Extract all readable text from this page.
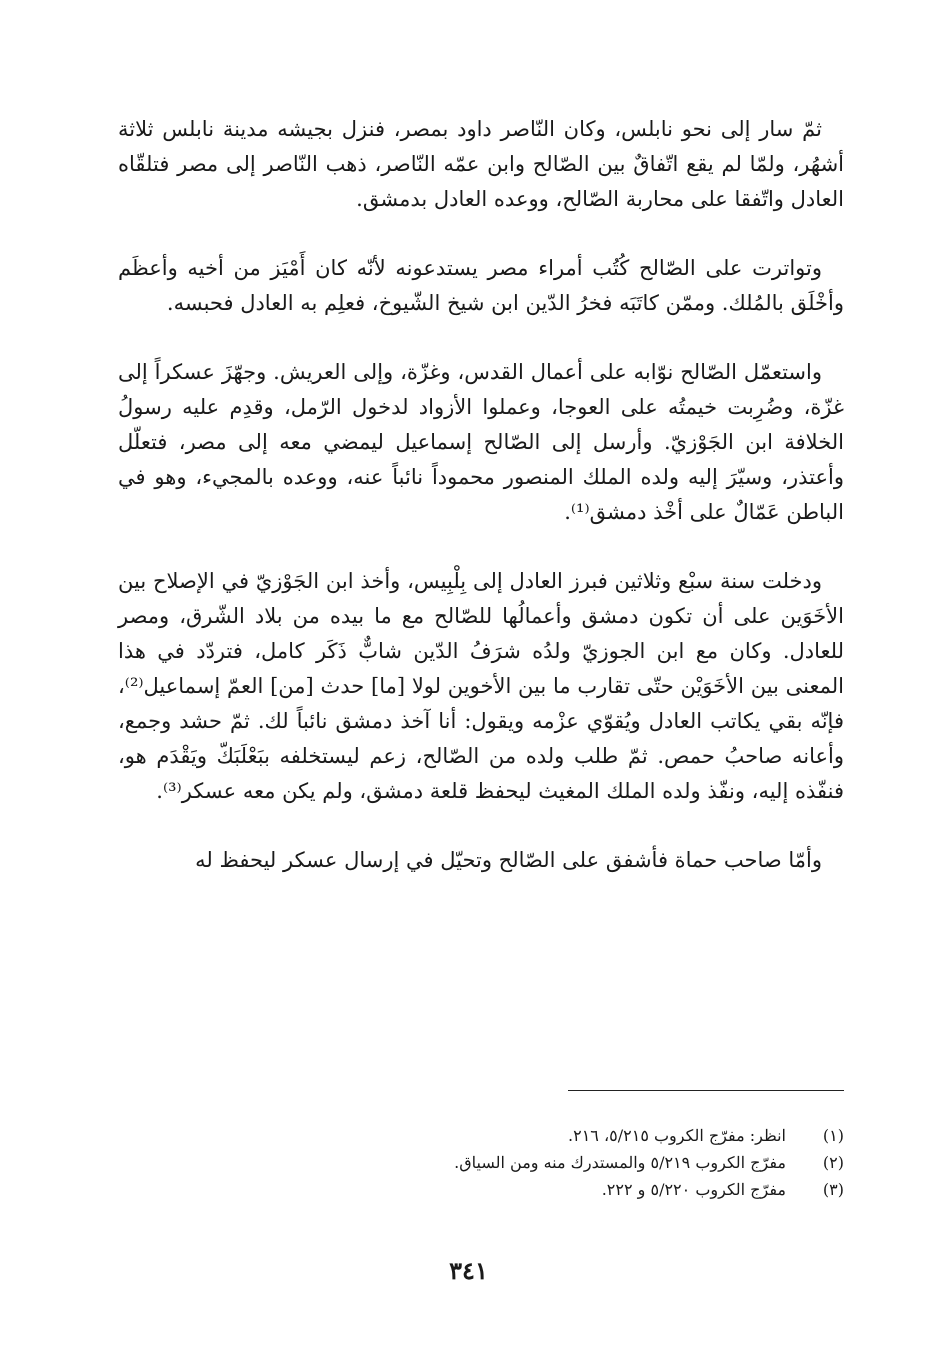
ثمّ سار إلى نحو نابلس، وكان النّاصر داود بمصر، فنزل بجيشه مدينة نابلس ثلاثة أشهُر، ولمّا لم يقع اتّفاقٌ بين الصّالح وابن عمّه النّاصر، ذهب النّاصر إلى مصر فتلقّاه العادل واتّفقا على محاربة الصّالح، ووعده العادل بدمشق.

وتواترت على الصّالح كُتُب أمراء مصر يستدعونه لأنّه كان أَمْيَز من أخيه وأعظَم وأخْلَق بالمُلك. وممّن كاتَبَه فخرُ الدّين ابن شيخ الشّيوخ، فعلِم به العادل فحبسه.

واستعمّل الصّالح نوّابه على أعمال القدس، وغزّة، وإلى العريش. وجهّزَ عسكراً إلى غزّة، وضُرِبت خيمتُه على العوجا، وعملوا الأزواد لدخول الرّمل، وقدِم عليه رسولُ الخلافة ابن الجَوْزيّ. وأرسل إلى الصّالح إسماعيل ليمضي معه إلى مصر، فتعلّل وأعتذر، وسيّرَ إليه ولده الملك المنصور محموداً نائباً عنه، ووعده بالمجيء، وهو في الباطن عَمّالٌ على أخْذ دمشق⁽¹⁾.

ودخلت سنة سبْع وثلاثين فبرز العادل إلى بِلْبِيس، وأخذ ابن الجَوْزيّ في الإصلاح بين الأخَوَين على أن تكون دمشق وأعمالُها للصّالح مع ما بيده من بلاد الشّرق، ومصر للعادل. وكان مع ابن الجوزيّ ولدُه شرَفُ الدّين شابٌّ ذَكَر كامل، فتردّد في هذا المعنى بين الأخَوَيْن حتّى تقارب ما بين الأخوين لولا [ما] حدث [من] العمّ إسماعيل⁽²⁾، فإنّه بقي يكاتب العادل ويُقوّي عزْمه ويقول: أنا آخذ دمشق نائباً لك. ثمّ حشد وجمع، وأعانه صاحبُ حمص. ثمّ طلب ولده من الصّالح، زعم ليستخلفه ببَعْلَبَكّ ويَقْدَم هو، فنفّذه إليه، ونفّذ ولده الملك المغيث ليحفظ قلعة دمشق، ولم يكن معه عسكر⁽³⁾.

وأمّا صاحب حماة فأشفق على الصّالح وتحيّل في إرسال عسكر ليحفظ له

(١)
انظر: مفرّج الكروب ٥/٢١٥، ٢١٦.
(٢)
مفرّج الكروب ٥/٢١٩ والمستدرك منه ومن السياق.
(٣)
مفرّج الكروب ٥/٢٢٠ و ٢٢٢.
٣٤١
